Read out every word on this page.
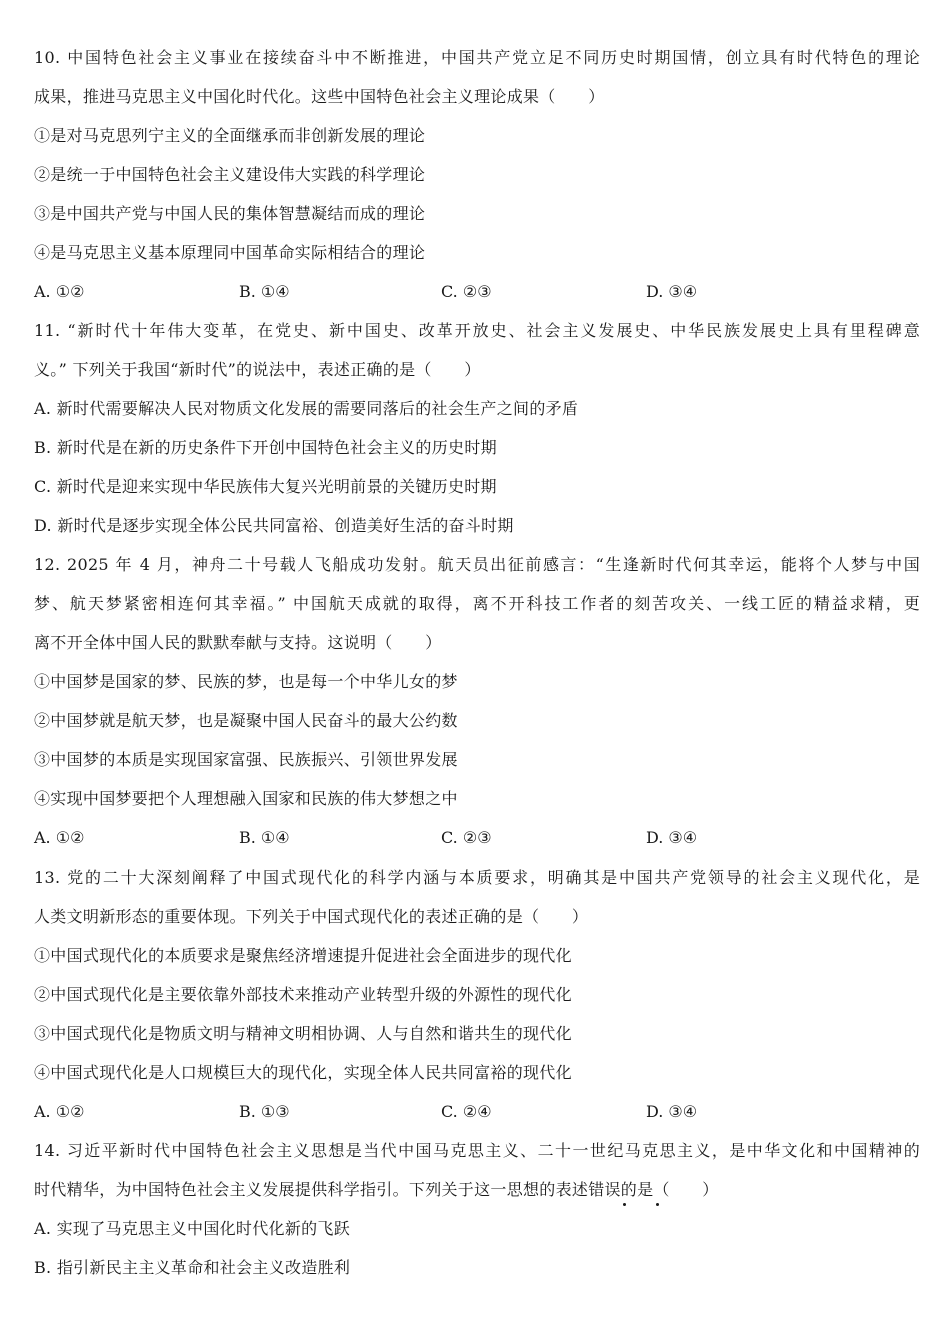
10. 中国特色社会主义事业在接续奋斗中不断推进，中国共产党立足不同历史时期国情，创立具有时代特色的理论
成果，推进马克思主义中国化时代化。这些中国特色社会主义理论成果（　　）
①是对马克思列宁主义的全面继承而非创新发展的理论
②是统一于中国特色社会主义建设伟大实践的科学理论
③是中国共产党与中国人民的集体智慧凝结而成的理论
④是马克思主义基本原理同中国革命实际相结合的理论
A. ①②	B. ①④	C. ②③	D. ③④
11. “新时代十年伟大变革，在党史、新中国史、改革开放史、社会主义发展史、中华民族发展史上具有里程碑意
义。” 下列关于我国“新时代”的说法中，表述正确的是（　　）
A. 新时代需要解决人民对物质文化发展的需要同落后的社会生产之间的矛盾
B. 新时代是在新的历史条件下开创中国特色社会主义的历史时期
C. 新时代是迎来实现中华民族伟大复兴光明前景的关键历史时期
D. 新时代是逐步实现全体公民共同富裕、创造美好生活的奋斗时期
12. 2025 年 4 月，神舟二十号载人飞船成功发射。航天员出征前感言：“生逢新时代何其幸运，能将个人梦与中国
梦、航天梦紧密相连何其幸福。” 中国航天成就的取得，离不开科技工作者的刻苦攻关、一线工匠的精益求精，更
离不开全体中国人民的默默奉献与支持。这说明（　　）
①中国梦是国家的梦、民族的梦，也是每一个中华儿女的梦
②中国梦就是航天梦，也是凝聚中国人民奋斗的最大公约数
③中国梦的本质是实现国家富强、民族振兴、引领世界发展
④实现中国梦要把个人理想融入国家和民族的伟大梦想之中
A. ①②	B. ①④	C. ②③	D. ③④
13. 党的二十大深刻阐释了中国式现代化的科学内涵与本质要求，明确其是中国共产党领导的社会主义现代化，是
人类文明新形态的重要体现。下列关于中国式现代化的表述正确的是（　　）
①中国式现代化的本质要求是聚焦经济增速提升促进社会全面进步的现代化
②中国式现代化是主要依靠外部技术来推动产业转型升级的外源性的现代化
③中国式现代化是物质文明与精神文明相协调、人与自然和谐共生的现代化
④中国式现代化是人口规模巨大的现代化，实现全体人民共同富裕的现代化
A. ①②	B. ①③	C. ②④	D. ③④
14. 习近平新时代中国特色社会主义思想是当代中国马克思主义、二十一世纪马克思主义，是中华文化和中国精神的
时代精华，为中国特色社会主义发展提供科学指引。下列关于这一思想的表述错误的是（　　）
A. 实现了马克思主义中国化时代化新的飞跃
B. 指引新民主主义革命和社会主义改造胜利
